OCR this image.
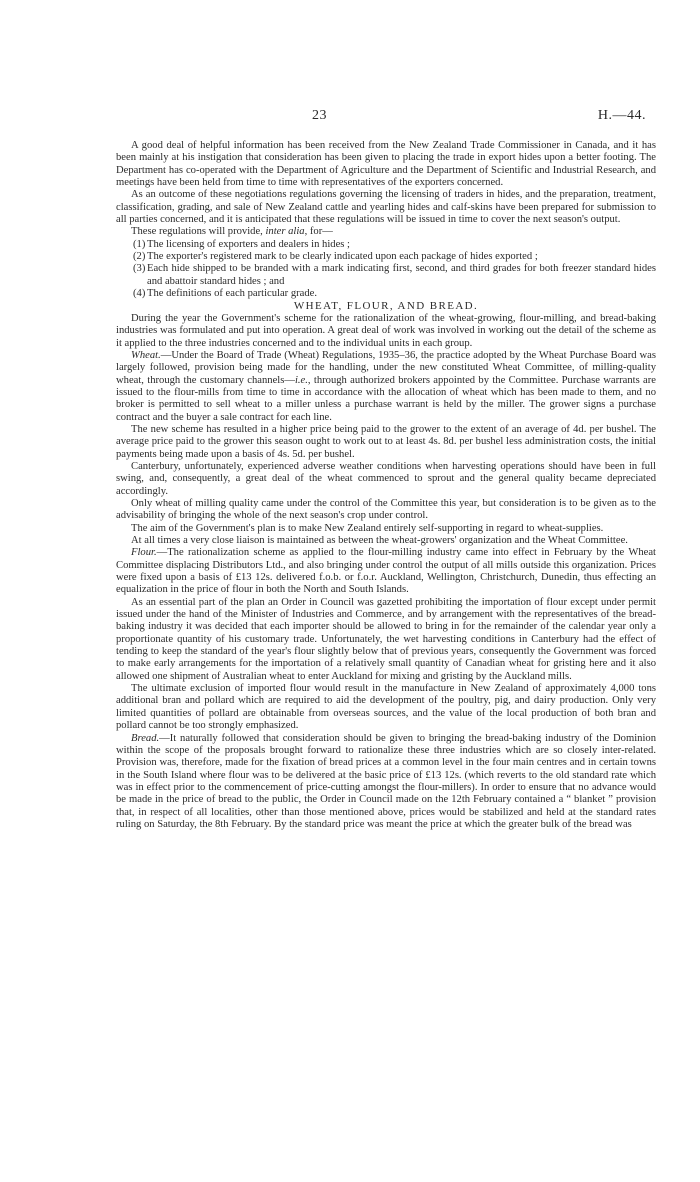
23	H.—44.

A good deal of helpful information has been received from the New Zealand Trade Commissioner in Canada, and it has been mainly at his instigation that consideration has been given to placing the trade in export hides upon a better footing. The Department has co-operated with the Department of Agriculture and the Department of Scientific and Industrial Research, and meetings have been held from time to time with representatives of the exporters concerned.

As an outcome of these negotiations regulations governing the licensing of traders in hides, and the preparation, treatment, classification, grading, and sale of New Zealand cattle and yearling hides and calf-skins have been prepared for submission to all parties concerned, and it is anticipated that these regulations will be issued in time to cover the next season's output.

These regulations will provide, inter alia, for—

(1) The licensing of exporters and dealers in hides ;
(2) The exporter's registered mark to be clearly indicated upon each package of hides exported ;
(3) Each hide shipped to be branded with a mark indicating first, second, and third grades for both freezer standard hides and abattoir standard hides ; and
(4) The definitions of each particular grade.

WHEAT, FLOUR, AND BREAD.

During the year the Government's scheme for the rationalization of the wheat-growing, flour-milling, and bread-baking industries was formulated and put into operation. A great deal of work was involved in working out the detail of the scheme as it applied to the three industries concerned and to the individual units in each group.

Wheat.—Under the Board of Trade (Wheat) Regulations, 1935–36, the practice adopted by the Wheat Purchase Board was largely followed, provision being made for the handling, under the new constituted Wheat Committee, of milling-quality wheat, through the customary channels—i.e., through authorized brokers appointed by the Committee. Purchase warrants are issued to the flour-mills from time to time in accordance with the allocation of wheat which has been made to them, and no broker is permitted to sell wheat to a miller unless a purchase warrant is held by the miller. The grower signs a purchase contract and the buyer a sale contract for each line.

The new scheme has resulted in a higher price being paid to the grower to the extent of an average of 4d. per bushel. The average price paid to the grower this season ought to work out to at least 4s. 8d. per bushel less administration costs, the initial payments being made upon a basis of 4s. 5d. per bushel.

Canterbury, unfortunately, experienced adverse weather conditions when harvesting operations should have been in full swing, and, consequently, a great deal of the wheat commenced to sprout and the general quality became depreciated accordingly.

Only wheat of milling quality came under the control of the Committee this year, but consideration is to be given as to the advisability of bringing the whole of the next season's crop under control.

The aim of the Government's plan is to make New Zealand entirely self-supporting in regard to wheat-supplies.

At all times a very close liaison is maintained as between the wheat-growers' organization and the Wheat Committee.

Flour.—The rationalization scheme as applied to the flour-milling industry came into effect in February by the Wheat Committee displacing Distributors Ltd., and also bringing under control the output of all mills outside this organization. Prices were fixed upon a basis of £13 12s. delivered f.o.b. or f.o.r. Auckland, Wellington, Christchurch, Dunedin, thus effecting an equalization in the price of flour in both the North and South Islands.

As an essential part of the plan an Order in Council was gazetted prohibiting the importation of flour except under permit issued under the hand of the Minister of Industries and Commerce, and by arrangement with the representatives of the bread-baking industry it was decided that each importer should be allowed to bring in for the remainder of the calendar year only a proportionate quantity of his customary trade. Unfortunately, the wet harvesting conditions in Canterbury had the effect of tending to keep the standard of the year's flour slightly below that of previous years, consequently the Government was forced to make early arrangements for the importation of a relatively small quantity of Canadian wheat for gristing here and it also allowed one shipment of Australian wheat to enter Auckland for mixing and gristing by the Auckland mills.

The ultimate exclusion of imported flour would result in the manufacture in New Zealand of approximately 4,000 tons additional bran and pollard which are required to aid the development of the poultry, pig, and dairy production. Only very limited quantities of pollard are obtainable from overseas sources, and the value of the local production of both bran and pollard cannot be too strongly emphasized.

Bread.—It naturally followed that consideration should be given to bringing the bread-baking industry of the Dominion within the scope of the proposals brought forward to rationalize these three industries which are so closely inter-related. Provision was, therefore, made for the fixation of bread prices at a common level in the four main centres and in certain towns in the South Island where flour was to be delivered at the basic price of £13 12s. (which reverts to the old standard rate which was in effect prior to the commencement of price-cutting amongst the flour-millers). In order to ensure that no advance would be made in the price of bread to the public, the Order in Council made on the 12th February contained a “ blanket ” provision that, in respect of all localities, other than those mentioned above, prices would be stabilized and held at the standard rates ruling on Saturday, the 8th February. By the standard price was meant the price at which the greater bulk of the bread was
